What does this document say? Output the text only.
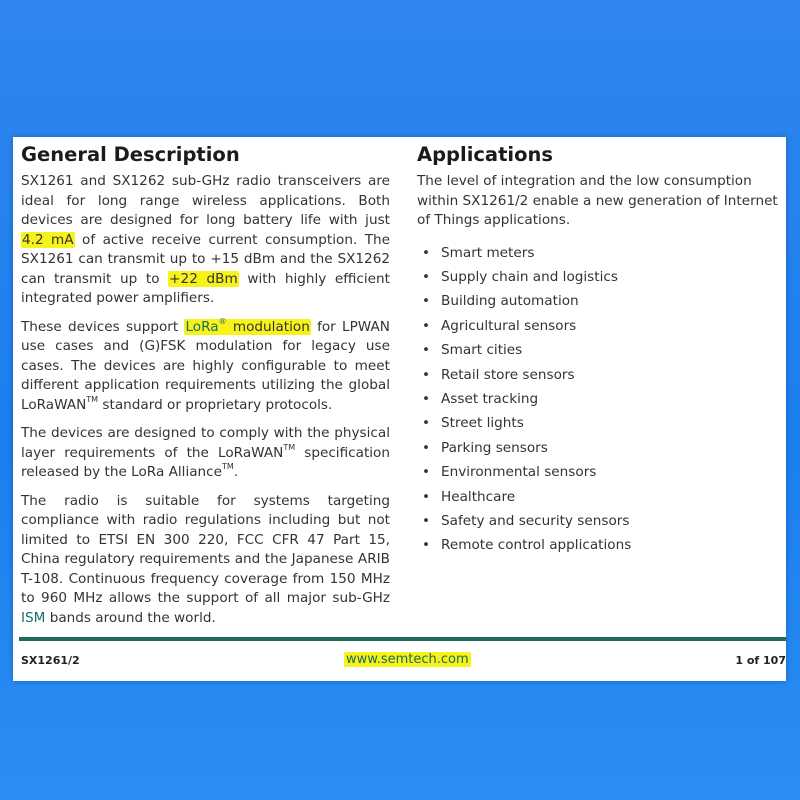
General Description

SX1261 and SX1262 sub-GHz radio transceivers are ideal for long range wireless applications. Both devices are designed for long battery life with just 4.2 mA of active receive current consumption. The SX1261 can transmit up to +15 dBm and the SX1262 can transmit up to +22 dBm with highly efficient integrated power amplifiers.

These devices support LoRa® modulation for LPWAN use cases and (G)FSK modulation for legacy use cases. The devices are highly configurable to meet different application requirements utilizing the global LoRaWAN™ standard or proprietary protocols.

The devices are designed to comply with the physical layer requirements of the LoRaWAN™ specification released by the LoRa Alliance™.

The radio is suitable for systems targeting compliance with radio regulations including but not limited to ETSI EN 300 220, FCC CFR 47 Part 15, China regulatory requirements and the Japanese ARIB T-108. Continuous frequency coverage from 150 MHz to 960 MHz allows the support of all major sub-GHz ISM bands around the world.

Applications

The level of integration and the low consumption within SX1261/2 enable a new generation of Internet of Things applications.

• Smart meters
• Supply chain and logistics
• Building automation
• Agricultural sensors
• Smart cities
• Retail store sensors
• Asset tracking
• Street lights
• Parking sensors
• Environmental sensors
• Healthcare
• Safety and security sensors
• Remote control applications
SX1261/2	www.semtech.com	1 of 107
